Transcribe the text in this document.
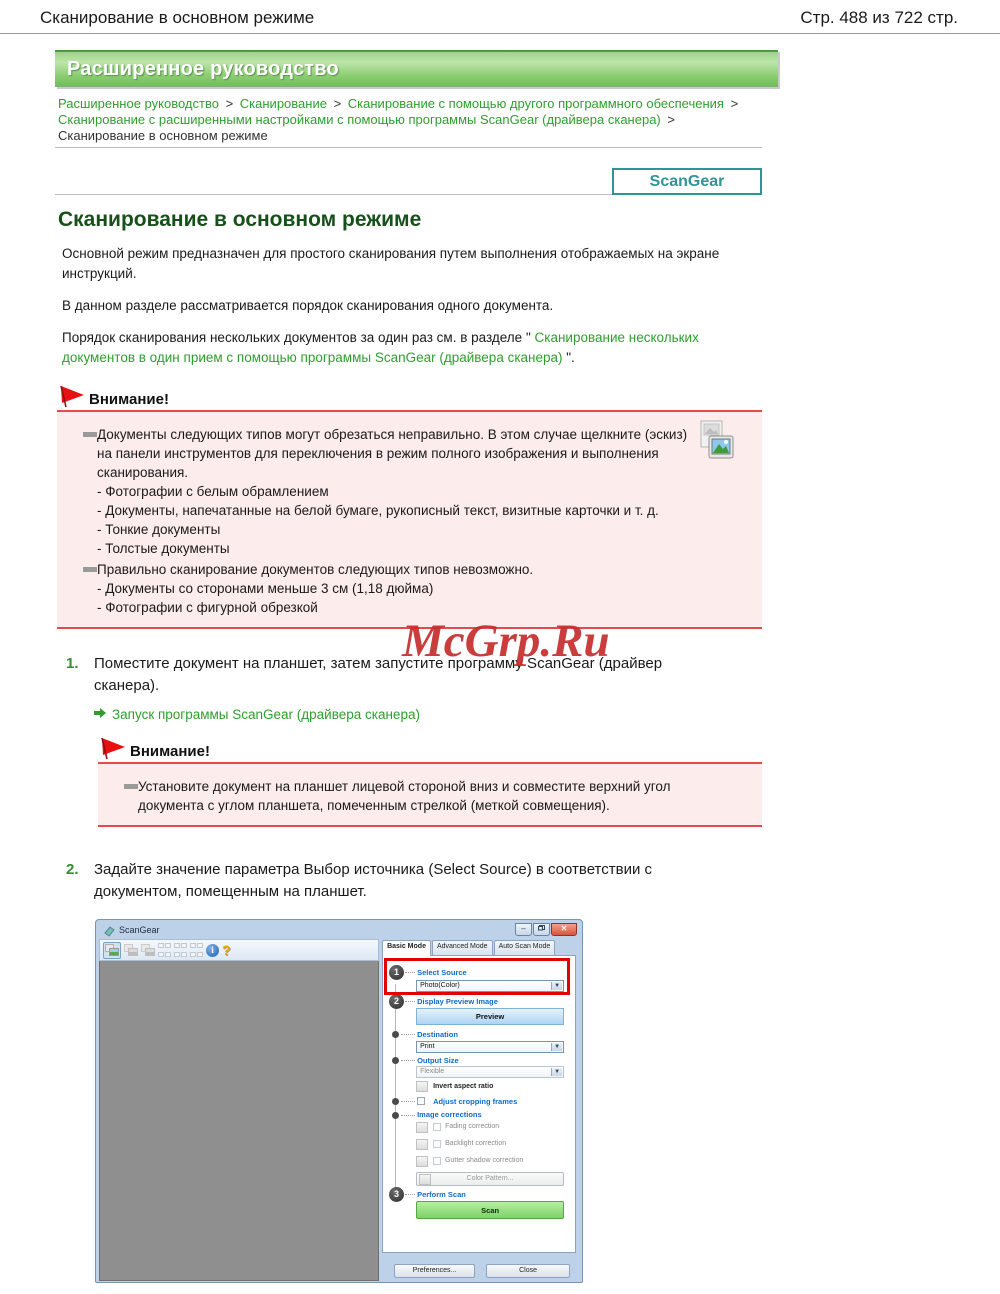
Сканирование в основном режиме	Стр. 488 из 722 стр.
Расширенное руководство
Расширенное руководство > Сканирование > Сканирование с помощью другого программного обеспечения >
Сканирование с расширенными настройками с помощью программы ScanGear (драйвера сканера) >
Сканирование в основном режиме
ScanGear
Сканирование в основном режиме

Основной режим предназначен для простого сканирования путем выполнения отображаемых на экране инструкций.

В данном разделе рассматривается порядок сканирования одного документа.

Порядок сканирования нескольких документов за один раз см. в разделе " Сканирование нескольких документов в один прием с помощью программы ScanGear (драйвера сканера) ".

Внимание!
Документы следующих типов могут обрезаться неправильно. В этом случае щелкните (эскиз) на панели инструментов для переключения в режим полного изображения и выполнения сканирования.
- Фотографии с белым обрамлением
- Документы, напечатанные на белой бумаге, рукописный текст, визитные карточки и т. д.
- Тонкие документы
- Толстые документы
Правильно сканирование документов следующих типов невозможно.
- Документы со сторонами меньше 3 см (1,18 дюйма)
- Фотографии с фигурной обрезкой
1.	Поместите документ на планшет, затем запустите программу ScanGear (драйвер сканера).
Запуск программы ScanGear (драйвера сканера)
Внимание!
Установите документ на планшет лицевой стороной вниз и совместите верхний угол документа с углом планшета, помеченным стрелкой (меткой совмещения).
2.	Задайте значение параметра Выбор источника (Select Source) в соответствии с документом, помещенным на планшет.
McGrp.Ru
ScanGear	–	✕
i ?	Basic Mode	Advanced Mode	Auto Scan Mode
1	Select Source
Photo(Color)	▼
2	Display Preview Image
Preview
Destination
Print	▼
Output Size
Flexible	▼
Invert aspect ratio
Adjust cropping frames
Image corrections
Fading correction
Backlight correction
Gutter shadow correction
Color Pattern...
3	Perform Scan
Scan
Preferences...	Close
